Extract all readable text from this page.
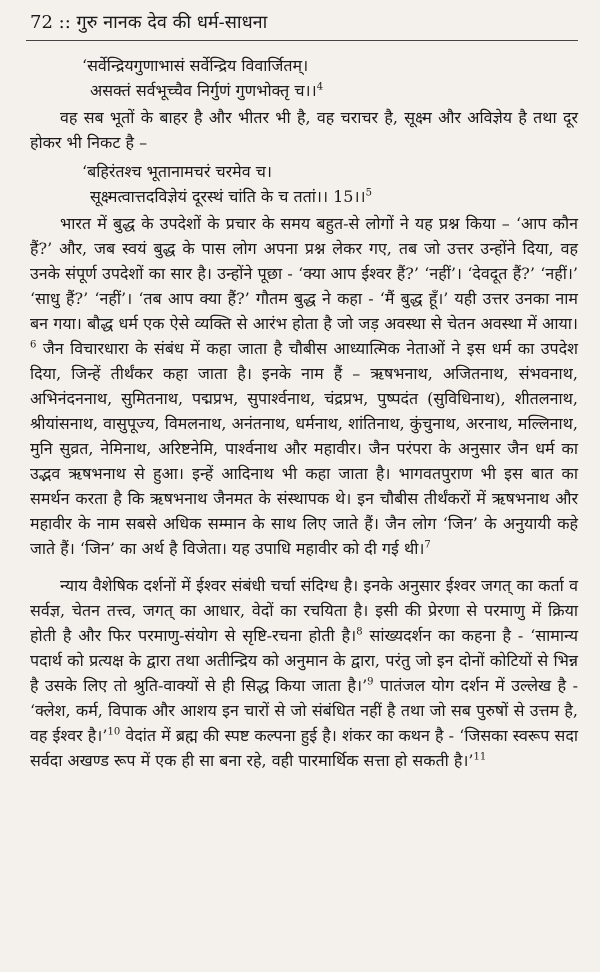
72 :: गुरु नानक देव की धर्म-साधना
‘सर्वेन्द्रियगुणाभासं सर्वेन्द्रिय विवार्जितम्।
असक्तं सर्वभूच्चैव निर्गुणं गुणभोक्तृ च।।$^4$

वह सब भूतों के बाहर है और भीतर भी है, वह चराचर है, सूक्ष्म और अविज्ञेय है तथा दूर होकर भी निकट है –

‘बहिरंतश्च भूतानामचरं चरमेव च।
सूक्ष्मत्वात्तदविज्ञेयं दूरस्थं चांति के च ततां।। 15।।$^5$

भारत में बुद्ध के उपदेशों के प्रचार के समय बहुत-से लोगों ने यह प्रश्न किया – ‘आप कौन हैं?’ और, जब स्वयं बुद्ध के पास लोग अपना प्रश्न लेकर गए, तब जो उत्तर उन्होंने दिया, वह उनके संपूर्ण उपदेशों का सार है। उन्होंने पूछा - ‘क्या आप ईश्वर हैं?’ ‘नहीं’। ‘देवदूत हैं?’ ‘नहीं।’ ‘साधु हैं?’ ‘नहीं’। ‘तब आप क्या हैं?’ गौतम बुद्ध ने कहा - ‘मैं बुद्ध हूँ।’ यही उत्तर उनका नाम बन गया। बौद्ध धर्म एक ऐसे व्यक्ति से आरंभ होता है जो जड़ अवस्था से चेतन अवस्था में आया।$^6$ जैन विचारधारा के संबंध में कहा जाता है चौबीस आध्यात्मिक नेताओं ने इस धर्म का उपदेश दिया, जिन्हें तीर्थंकर कहा जाता है। इनके नाम हैं – ऋषभनाथ, अजितनाथ, संभवनाथ, अभिनंदननाथ, सुमितनाथ, पद्मप्रभ, सुपार्श्वनाथ, चंद्रप्रभ, पुष्पदंत (सुविधिनाथ), शीतलनाथ, श्रीयांसनाथ, वासुपूज्य, विमलनाथ, अनंतनाथ, धर्मनाथ, शांतिनाथ, कुंचुनाथ, अरनाथ, मल्लिनाथ, मुनि सुव्रत, नेमिनाथ, अरिष्टनेमि, पार्श्वनाथ और महावीर। जैन परंपरा के अनुसार जैन धर्म का उद्भव ऋषभनाथ से हुआ। इन्हें आदिनाथ भी कहा जाता है। भागवतपुराण भी इस बात का समर्थन करता है कि ऋषभनाथ जैनमत के संस्थापक थे। इन चौबीस तीर्थंकरों में ऋषभनाथ और महावीर के नाम सबसे अधिक सम्मान के साथ लिए जाते हैं। जैन लोग ‘जिन’ के अनुयायी कहे जाते हैं। ‘जिन’ का अर्थ है विजेता। यह उपाधि महावीर को दी गई थी।$^7$

न्याय वैशेषिक दर्शनों में ईश्वर संबंधी चर्चा संदिग्ध है। इनके अनुसार ईश्वर जगत् का कर्ता व सर्वज्ञ, चेतन तत्त्व, जगत् का आधार, वेदों का रचयिता है। इसी की प्रेरणा से परमाणु में क्रिया होती है और फिर परमाणु-संयोग से सृष्टि-रचना होती है।$^8$ सांख्यदर्शन का कहना है - ‘सामान्य पदार्थ को प्रत्यक्ष के द्वारा तथा अतीन्द्रिय को अनुमान के द्वारा, परंतु जो इन दोनों कोटियों से भिन्न है उसके लिए तो श्रुति-वाक्यों से ही सिद्ध किया जाता है।’$^9$ पातंजल योग दर्शन में उल्लेख है - ‘क्लेश, कर्म, विपाक और आशय इन चारों से जो संबंधित नहीं है तथा जो सब पुरुषों से उत्तम है, वह ईश्वर है।’$^{10}$ वेदांत में ब्रह्म की स्पष्ट कल्पना हुई है। शंकर का कथन है - ‘जिसका स्वरूप सदा सर्वदा अखण्ड रूप में एक ही सा बना रहे, वही पारमार्थिक सत्ता हो सकती है।’$^{11}$
